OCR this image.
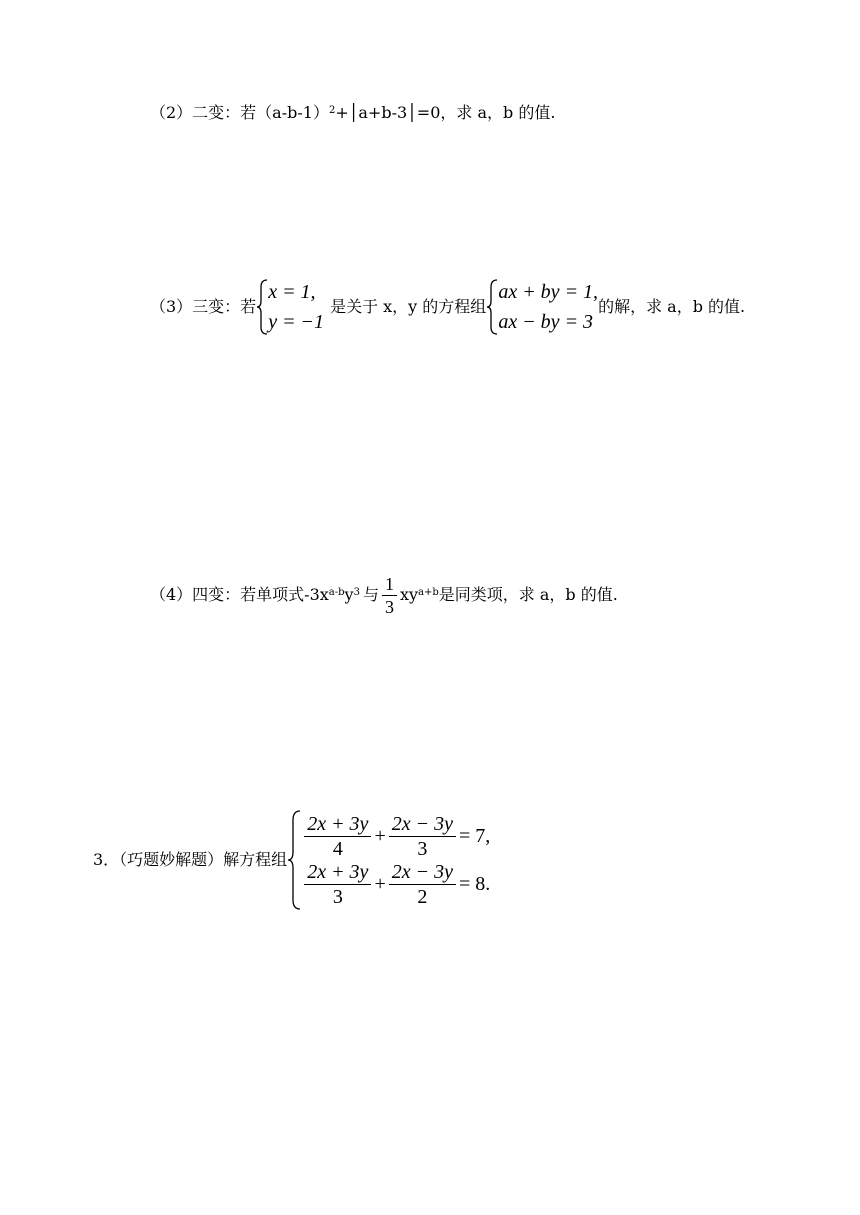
（2）二变：若$(a-b-1)^2$ +│a+b-3│=0，求 a，b 的值.
（3）三变：若
x = 1,
y = −1
是关于 x，y 的方程组
ax + by = 1,
ax − by = 3
的解，求 a，b 的值.
（4）四变：若单项式$-3x^{a-b}$ $y^3$ 与 $\frac{1}{3} xy^{a+b}$ 是同类项，求 a，b 的值.
3．（巧题妙解题）解方程组 $\frac{2x + 3y}{4} + \frac{2x - 3y}{3} = 7$,
$\frac{2x + 3y}{3} + \frac{2x - 3y}{2} = 8$.
